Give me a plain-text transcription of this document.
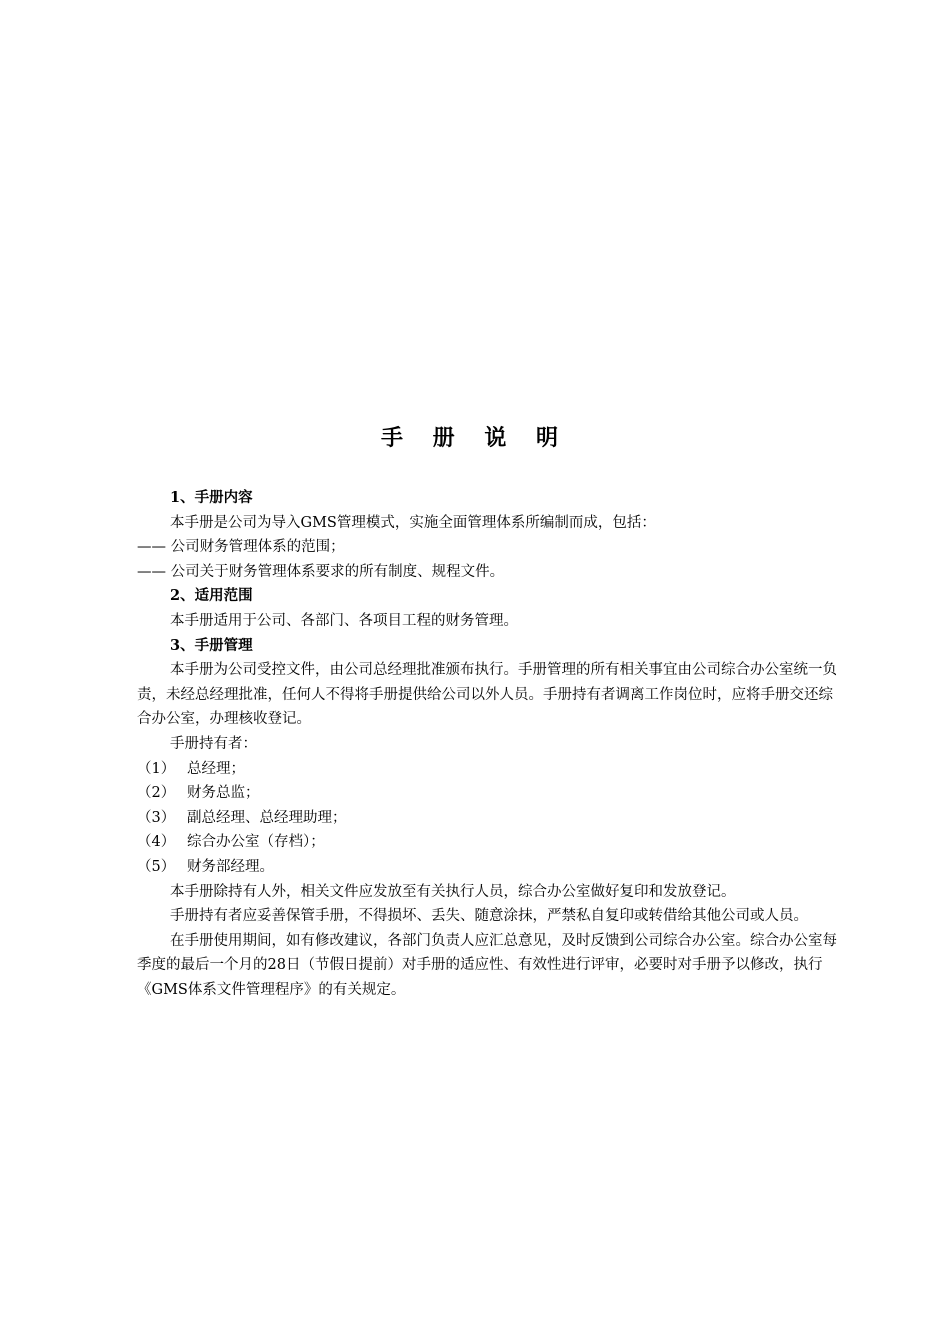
手 册 说 明

1、手册内容

本手册是公司为导入GMS管理模式，实施全面管理体系所编制而成，包括：

—— 公司财务管理体系的范围；

—— 公司关于财务管理体系要求的所有制度、规程文件。

2、适用范围

本手册适用于公司、各部门、各项目工程的财务管理。

3、手册管理

本手册为公司受控文件，由公司总经理批准颁布执行。手册管理的所有相关事宜由公司综合办公室统一负责，未经总经理批准，任何人不得将手册提供给公司以外人员。手册持有者调离工作岗位时，应将手册交还综合办公室，办理核收登记。

手册持有者：

（1） 总经理；

（2） 财务总监；

（3） 副总经理、总经理助理；

（4） 综合办公室（存档）；

（5） 财务部经理。

本手册除持有人外，相关文件应发放至有关执行人员，综合办公室做好复印和发放登记。

手册持有者应妥善保管手册，不得损坏、丢失、随意涂抹，严禁私自复印或转借给其他公司或人员。

在手册使用期间，如有修改建议，各部门负责人应汇总意见，及时反馈到公司综合办公室。综合办公室每季度的最后一个月的28日（节假日提前）对手册的适应性、有效性进行评审，必要时对手册予以修改，执行《GMS体系文件管理程序》的有关规定。
